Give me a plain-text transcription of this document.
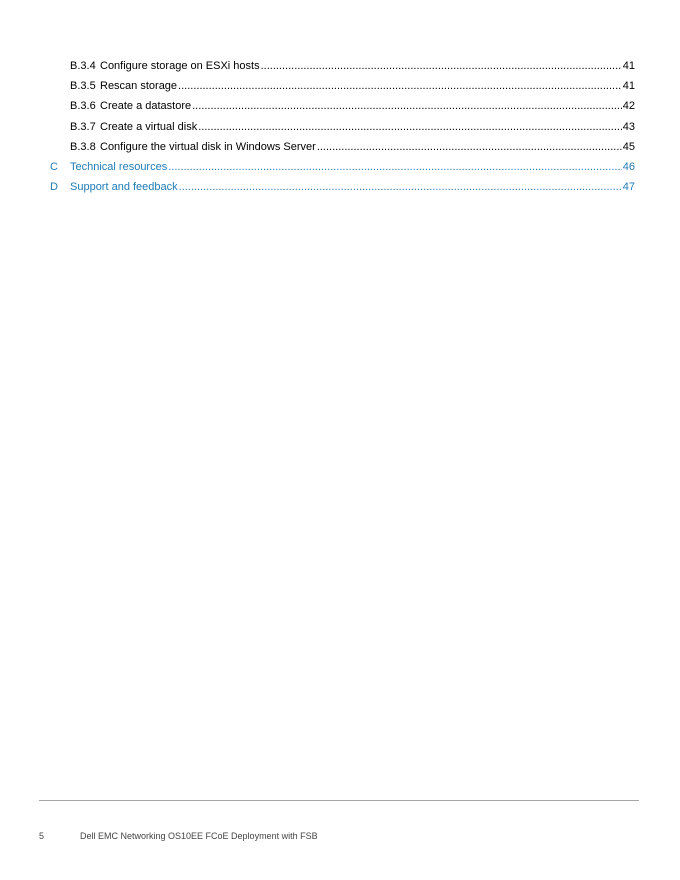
B.3.4 Configure storage on ESXi hosts .....	41
B.3.5 Rescan storage .....	41
B.3.6 Create a datastore .....	42
B.3.7 Create a virtual disk .....	43
B.3.8 Configure the virtual disk in Windows Server .....	45
C Technical resources .....	46
D Support and feedback .....	47
5	Dell EMC Networking OS10EE FCoE Deployment with FSB
